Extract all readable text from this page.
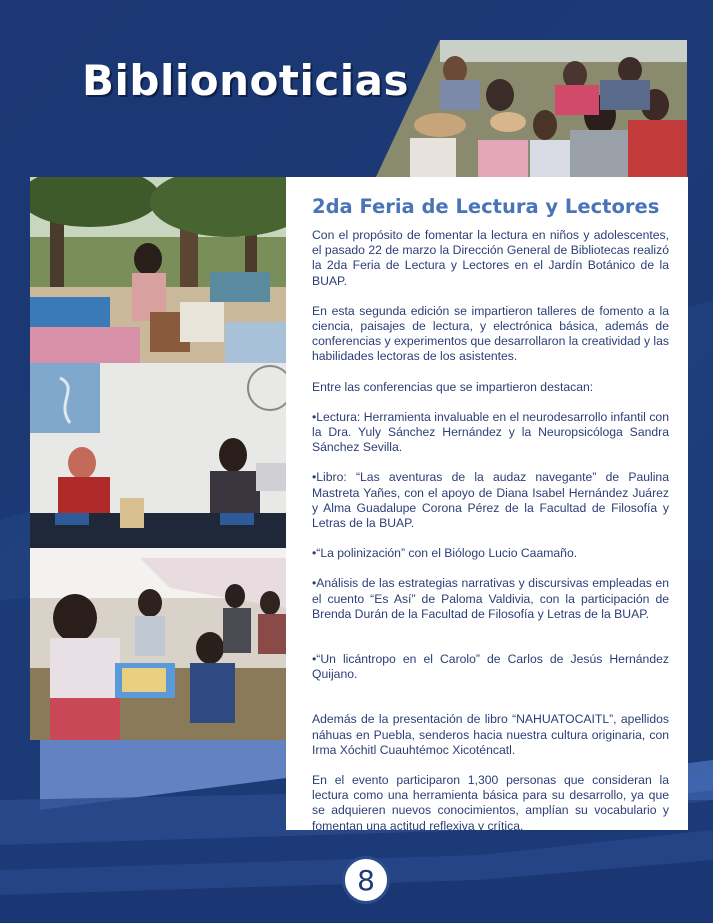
Biblionoticias
2da Feria de Lectura y Lectores

Con el propósito de fomentar la lectura en niños y adolescentes, el pasado 22 de marzo la Dirección General de Bibliotecas realizó la 2da Feria de Lectura y Lectores en el Jardín Botánico de la BUAP.

En esta segunda edición se impartieron talleres de fomento a la ciencia, paisajes de lectura, y electrónica básica, además de conferencias y experimentos que desarrollaron la creatividad y las habilidades lectoras de los asistentes.

Entre las conferencias que se impartieron destacan:

•Lectura: Herramienta invaluable en el neurodesarrollo infantil con la Dra. Yuly Sánchez Hernández y la Neuropsicóloga Sandra Sánchez Sevilla.

•Libro: “Las aventuras de la audaz navegante” de Paulina Mastreta Yañes, con el apoyo de Diana Isabel Hernández Juárez y Alma Guadalupe Corona Pérez de la Facultad de Filosofía y Letras de la BUAP.

•“La polinización” con el Biólogo Lucio Caamaño.

•Análisis de las estrategias narrativas y discursivas empleadas en el cuento “Es Así” de Paloma Valdivia, con la participación de Brenda Durán de la Facultad de Filosofía y Letras de la BUAP.

•“Un licántropo en el Carolo” de Carlos de Jesús Hernández Quijano.

Además de la presentación de libro “NAHUATOCAITL”, apellidos náhuas en Puebla, senderos hacia nuestra cultura originaria, con Irma Xóchitl Cuauhtémoc Xicoténcatl.

En el evento participaron 1,300 personas que consideran la lectura como una herramienta básica para su desarrollo, ya que se adquieren nuevos conocimientos, amplían su vocabulario y fomentan una actitud reflexiva y crítica.

8
